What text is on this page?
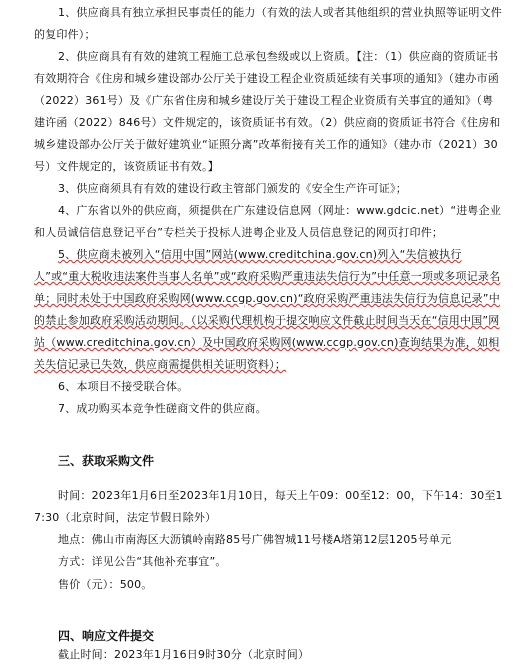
1、供应商具有独立承担民事责任的能力（有效的法人或者其他组织的营业执照等证明文件的复印件）；
2、供应商具有有效的建筑工程施工总承包叁级或以上资质。【注：（1）供应商的资质证书有效期符合《住房和城乡建设部办公厅关于建设工程企业资质延续有关事项的通知》（建办市函（2022）361号）及《广东省住房和城乡建设厅关于建设工程企业资质有关事宜的通知》（粤建许函（2022）846号）文件规定的，该资质证书有效。（2）供应商的资质证书符合《住房和城乡建设部办公厅关于做好建筑业“证照分离”改革衔接有关工作的通知》（建办市（2021）30号）文件规定的，该资质证书有效。】
3、供应商须具有有效的建设行政主管部门颁发的《安全生产许可证》；
4、广东省以外的供应商，须提供在广东建设信息网（网址：www.gdcic.net）“进粤企业和人员诚信信息登记平台”专栏关于投标人进粤企业及人员信息登记的网页打印件；
5、供应商未被列入“信用中国”网站(www.creditchina.gov.cn)列入“失信被执行人”或“重大税收违法案件当事人名单”或“政府采购严重违法失信行为”中任意一项或多项记录名单；同时未处于中国政府采购网(www.ccgp.gov.cn)“政府采购严重违法失信行为信息记录”中的禁止参加政府采购活动期间。（以采购代理机构于提交响应文件截止时间当天在“信用中国”网站（www.creditchina.gov.cn）及中国政府采购网(www.ccgp.gov.cn)查询结果为准，如相关失信记录已失效，供应商需提供相关证明资料）；
6、本项目不接受联合体。
7、成功购买本竞争性磋商文件的供应商。
三、获取采购文件
时间：2023年1月6日至2023年1月10日，每天上午09：00至12：00，下午14：30至17:30（北京时间，法定节假日除外）
地点：佛山市南海区大沥镇岭南路85号广佛智城11号楼A塔第12层1205号单元
方式：详见公告“其他补充事宜”。
售价（元）：500。
四、响应文件提交
截止时间：2023年1月16日9时30分（北京时间）
